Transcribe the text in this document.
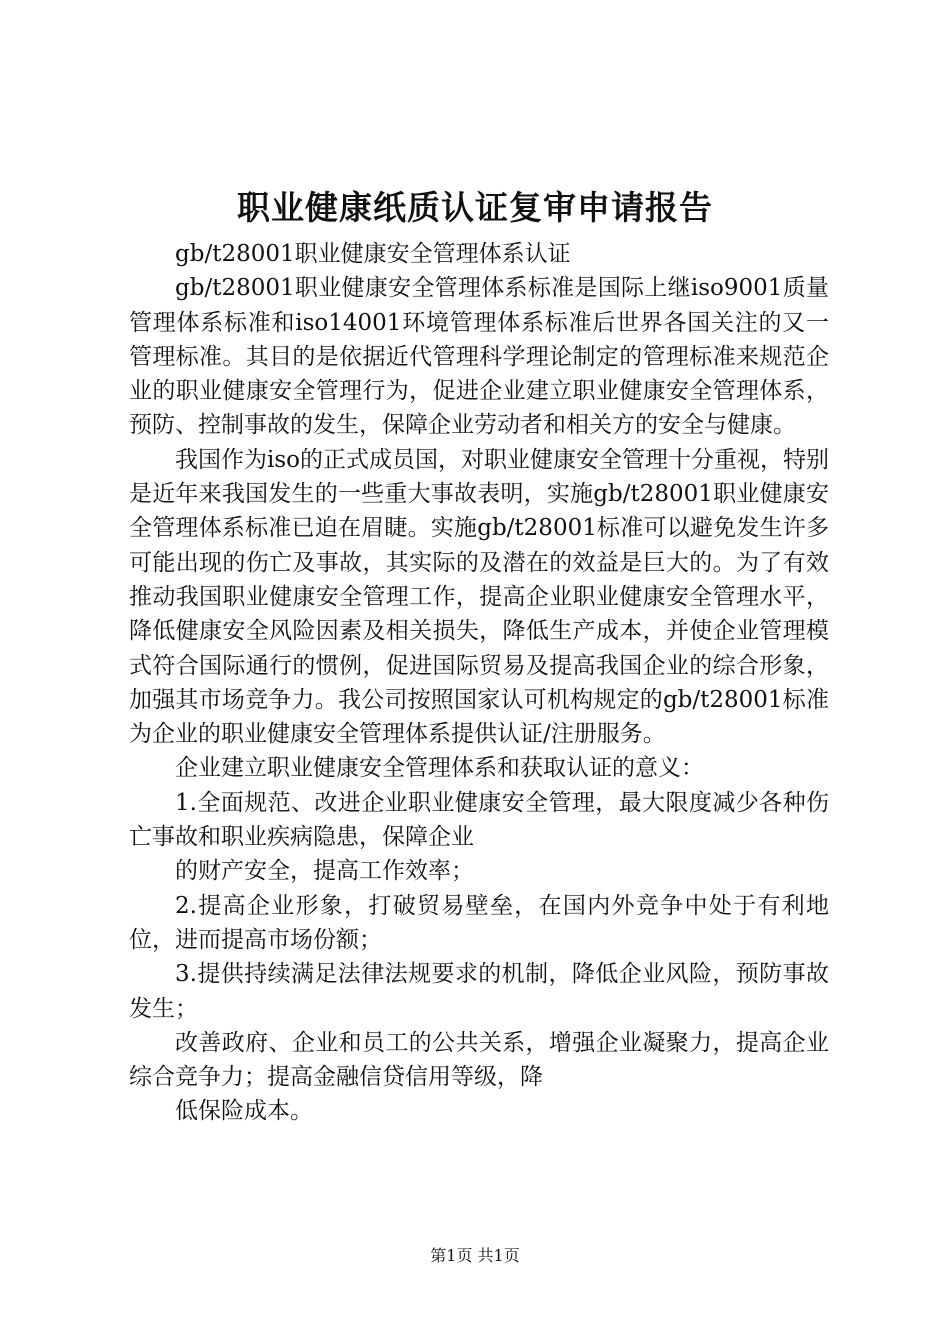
职业健康纸质认证复审申请报告

gb/t28001职业健康安全管理体系认证

gb/t28001职业健康安全管理体系标准是国际上继iso9001质量管理体系标准和iso14001环境管理体系标准后世界各国关注的又一管理标准。其目的是依据近代管理科学理论制定的管理标准来规范企业的职业健康安全管理行为，促进企业建立职业健康安全管理体系，预防、控制事故的发生，保障企业劳动者和相关方的安全与健康。

我国作为iso的正式成员国，对职业健康安全管理十分重视，特别是近年来我国发生的一些重大事故表明，实施gb/t28001职业健康安全管理体系标准已迫在眉睫。实施gb/t28001标准可以避免发生许多可能出现的伤亡及事故，其实际的及潜在的效益是巨大的。为了有效推动我国职业健康安全管理工作，提高企业职业健康安全管理水平，降低健康安全风险因素及相关损失，降低生产成本，并使企业管理模式符合国际通行的惯例，促进国际贸易及提高我国企业的综合形象，加强其市场竞争力。我公司按照国家认可机构规定的gb/t28001标准为企业的职业健康安全管理体系提供认证/注册服务。

企业建立职业健康安全管理体系和获取认证的意义：

1.全面规范、改进企业职业健康安全管理，最大限度减少各种伤亡事故和职业疾病隐患，保障企业

的财产安全，提高工作效率；

2.提高企业形象，打破贸易壁垒，在国内外竞争中处于有利地位，进而提高市场份额；

3.提供持续满足法律法规要求的机制，降低企业风险，预防事故发生；

改善政府、企业和员工的公共关系，增强企业凝聚力，提高企业综合竞争力；提高金融信贷信用等级，降

低保险成本。

第1页 共1页
